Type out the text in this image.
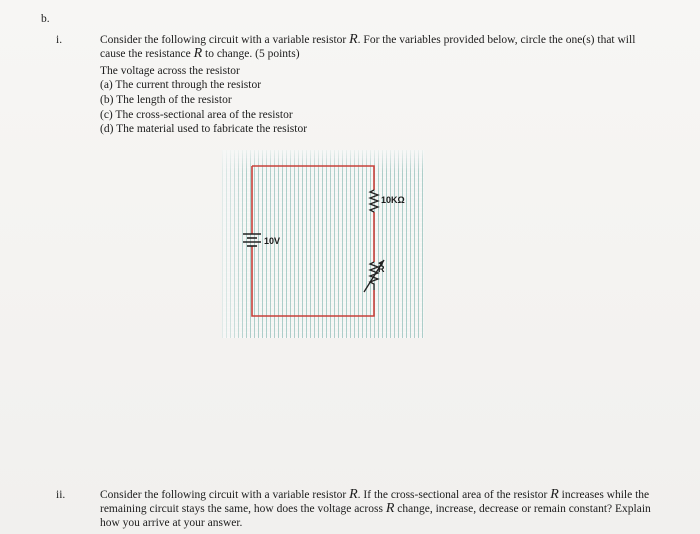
b.
i.	Consider the following circuit with a variable resistor R. For the variables provided below, circle the one(s) that will
cause the resistance R to change. (5 points)
The voltage across the resistor
(a) The current through the resistor
(b) The length of the resistor
(c) The cross-sectional area of the resistor
(d) The material used to fabricate the resistor
10V
10KΩ
R
ii.	Consider the following circuit with a variable resistor R. If the cross-sectional area of the resistor R increases while the remaining circuit stays the same, how does the voltage across R change, increase, decrease or remain constant? Explain how you arrive at your answer.
